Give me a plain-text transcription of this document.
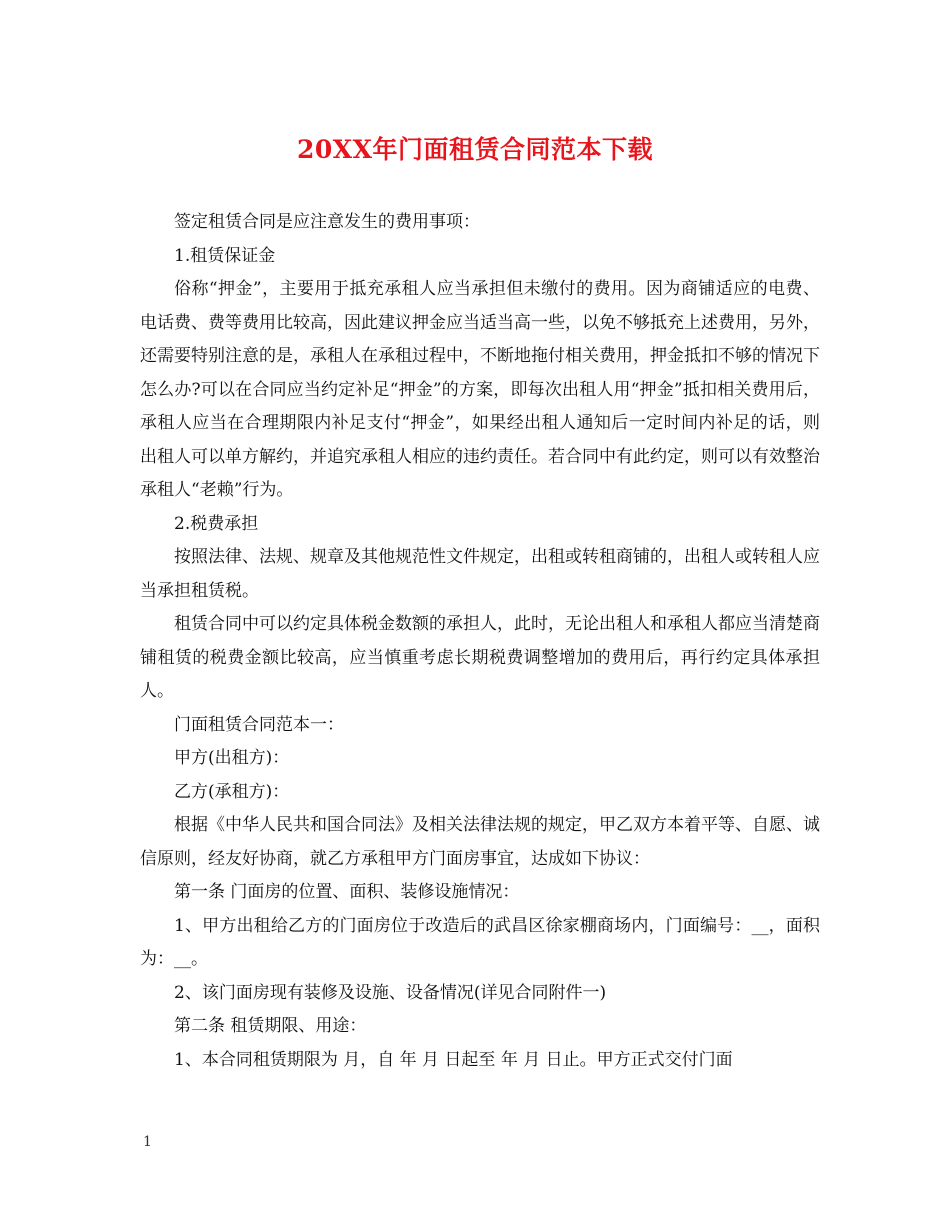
20XX年门面租赁合同范本下载

签定租赁合同是应注意发生的费用事项：

1.租赁保证金

俗称“押金”，主要用于抵充承租人应当承担但未缴付的费用。因为商铺适应的电费、电话费、费等费用比较高，因此建议押金应当适当高一些，以免不够抵充上述费用，另外，还需要特别注意的是，承租人在承租过程中，不断地拖付相关费用，押金抵扣不够的情况下怎么办?可以在合同应当约定补足“押金”的方案，即每次出租人用“押金”抵扣相关费用后，承租人应当在合理期限内补足支付“押金”，如果经出租人通知后一定时间内补足的话，则出租人可以单方解约，并追究承租人相应的违约责任。若合同中有此约定，则可以有效整治承租人“老赖”行为。

2.税费承担

按照法律、法规、规章及其他规范性文件规定，出租或转租商铺的，出租人或转租人应当承担租赁税。

租赁合同中可以约定具体税金数额的承担人，此时，无论出租人和承租人都应当清楚商铺租赁的税费金额比较高，应当慎重考虑长期税费调整增加的费用后，再行约定具体承担人。

门面租赁合同范本一：

甲方(出租方)：

乙方(承租方)：

根据《中华人民共和国合同法》及相关法律法规的规定，甲乙双方本着平等、自愿、诚信原则，经友好协商，就乙方承租甲方门面房事宜，达成如下协议：

第一条 门面房的位置、面积、装修设施情况：

1、甲方出租给乙方的门面房位于改造后的武昌区徐家棚商场内，门面编号：__，面积为：__。

2、该门面房现有装修及设施、设备情况(详见合同附件一)

第二条 租赁期限、用途：

1、本合同租赁期限为 月，自 年 月 日起至 年 月 日止。甲方正式交付门面

1
